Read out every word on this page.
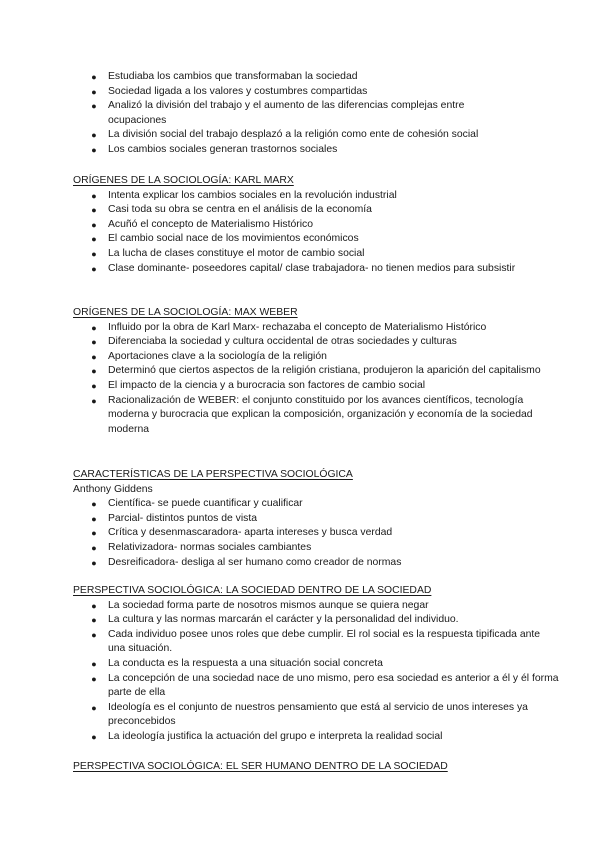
● Estudiaba los cambios que transformaban la sociedad
● Sociedad ligada a los valores y costumbres compartidas
● Analizó la división del trabajo y el aumento de las diferencias complejas entre ocupaciones
● La división social del trabajo desplazó a la religión como ente de cohesión social
● Los cambios sociales generan trastornos sociales

ORÍGENES DE LA SOCIOLOGÍA: KARL MARX

● Intenta explicar los cambios sociales en la revolución industrial
● Casi toda su obra se centra en el análisis de la economía
● Acuñó el concepto de Materialismo Histórico
● El cambio social nace de los movimientos económicos
● La lucha de clases constituye el motor de cambio social
● Clase dominante- poseedores capital/ clase trabajadora- no tienen medios para subsistir

ORÍGENES DE LA SOCIOLOGÍA: MAX WEBER

● Influido por la obra de Karl Marx- rechazaba el concepto de Materialismo Histórico
● Diferenciaba la sociedad y cultura occidental de otras sociedades y culturas
● Aportaciones clave a la sociología de la religión
● Determinó que ciertos aspectos de la religión cristiana, produjeron la aparición del capitalismo
● El impacto de la ciencia y a burocracia son factores de cambio social
● Racionalización de WEBER: el conjunto constituido por los avances científicos, tecnología moderna y burocracia que explican la composición, organización y economía de la sociedad moderna

CARACTERÍSTICAS DE LA PERSPECTIVA SOCIOLÓGICA

Anthony Giddens

● Científica- se puede cuantificar y cualificar
● Parcial- distintos puntos de vista
● Crítica y desenmascaradora- aparta intereses y busca verdad
● Relativizadora- normas sociales cambiantes
● Desreificadora- desliga al ser humano como creador de normas

PERSPECTIVA SOCIOLÓGICA: LA SOCIEDAD DENTRO DE LA SOCIEDAD

● La sociedad forma parte de nosotros mismos aunque se quiera negar
● La cultura y las normas marcarán el carácter y la personalidad del individuo.
● Cada individuo posee unos roles que debe cumplir. El rol social es la respuesta tipificada ante una situación.
● La conducta es la respuesta a una situación social concreta
● La concepción de una sociedad nace de uno mismo, pero esa sociedad es anterior a él y él forma parte de ella
● Ideología es el conjunto de nuestros pensamiento que está al servicio de unos intereses ya preconcebidos
● La ideología justifica la actuación del grupo e interpreta la realidad social

PERSPECTIVA SOCIOLÓGICA: EL SER HUMANO DENTRO DE LA SOCIEDAD
